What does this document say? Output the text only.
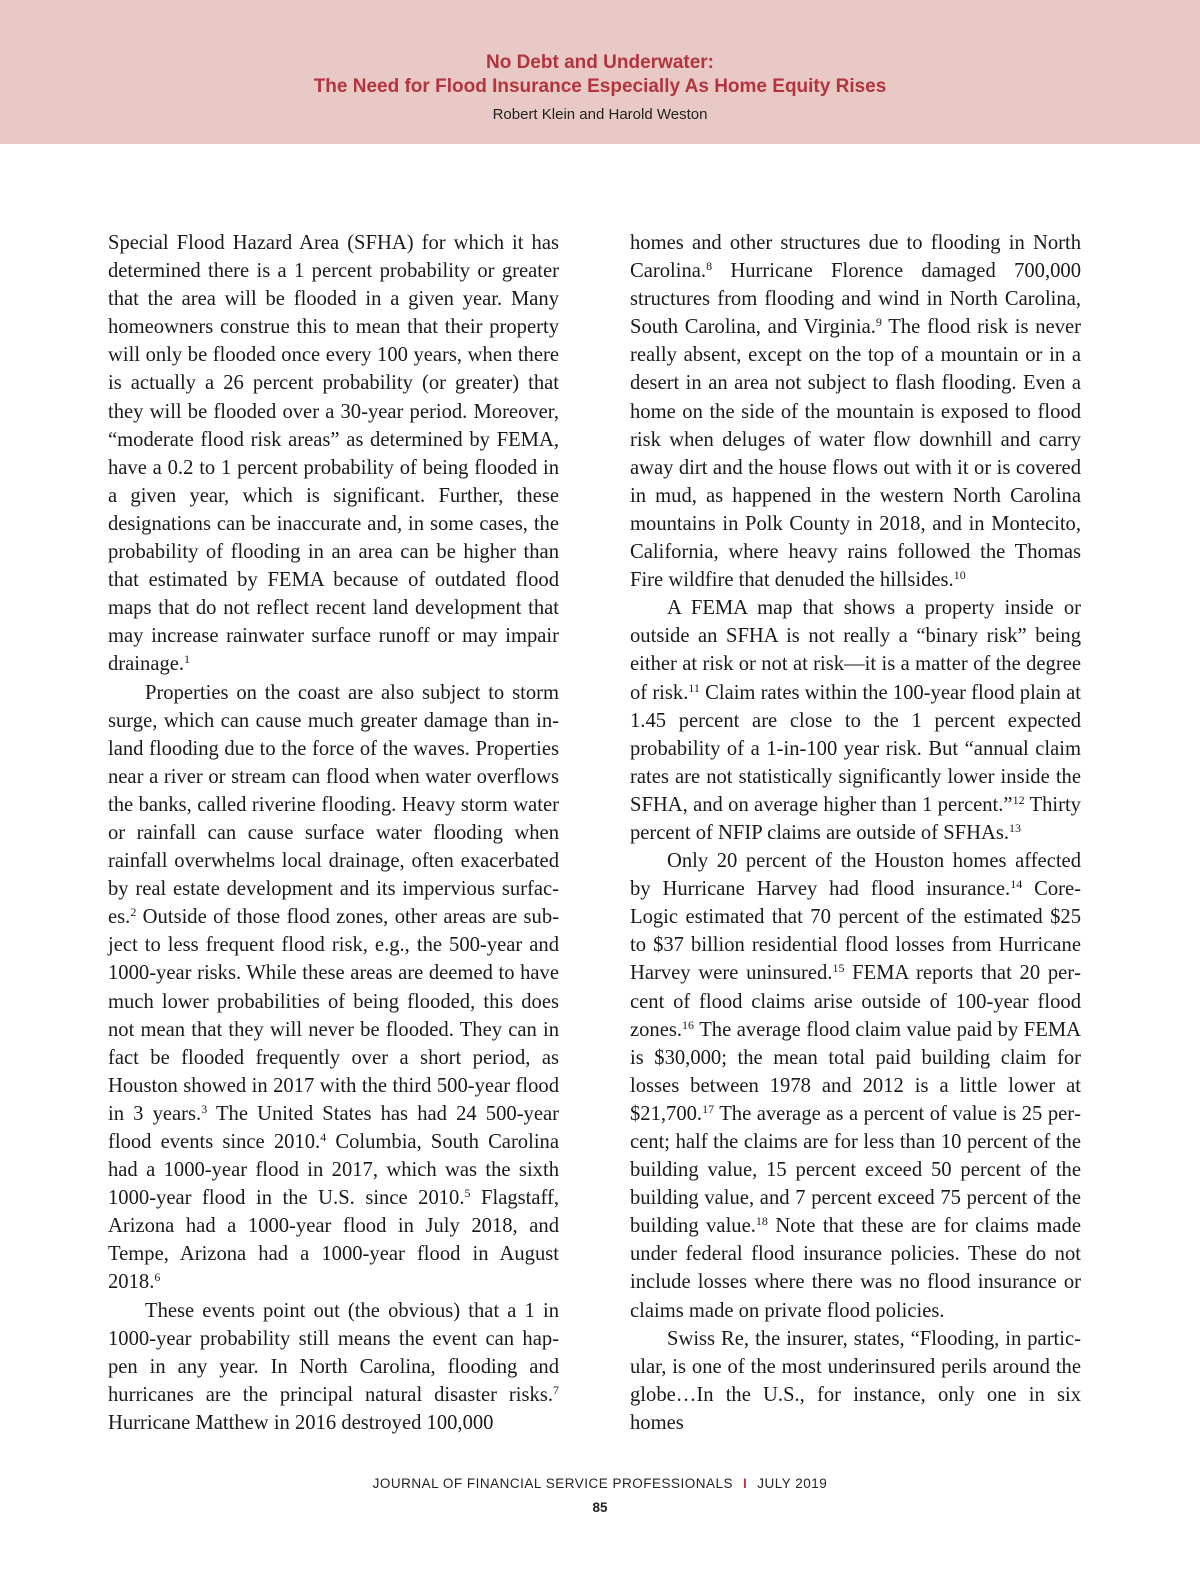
No Debt and Underwater:
The Need for Flood Insurance Especially As Home Equity Rises
Robert Klein and Harold Weston

Special Flood Hazard Area (SFHA) for which it has determined there is a 1 percent probability or greater that the area will be flooded in a given year. Many homeowners construe this to mean that their property will only be flooded once every 100 years, when there is actually a 26 percent probability (or greater) that they will be flooded over a 30-year period. Moreover, “moderate flood risk areas” as determined by FEMA, have a 0.2 to 1 percent probability of being flooded in a given year, which is significant. Further, these designations can be inaccurate and, in some cases, the probability of flooding in an area can be higher than that estimated by FEMA because of outdated flood maps that do not reflect recent land development that may increase rainwater surface runoff or may impair drainage.$^1$

Properties on the coast are also subject to storm surge, which can cause much greater damage than inland flooding due to the force of the waves. Properties near a river or stream can flood when water overflows the banks, called riverine flooding. Heavy storm water or rainfall can cause surface water flooding when rainfall overwhelms local drainage, often exacerbated by real estate development and its impervious surfaces.$^2$ Outside of those flood zones, other areas are subject to less frequent flood risk, e.g., the 500-year and 1000-year risks. While these areas are deemed to have much lower probabilities of being flooded, this does not mean that they will never be flooded. They can in fact be flooded frequently over a short period, as Houston showed in 2017 with the third 500-year flood in 3 years.$^3$ The United States has had 24 500-year flood events since 2010.$^4$ Columbia, South Carolina had a 1000-year flood in 2017, which was the sixth 1000-year flood in the U.S. since 2010.$^5$ Flagstaff, Arizona had a 1000-year flood in July 2018, and Tempe, Arizona had a 1000-year flood in August 2018.$^6$

These events point out (the obvious) that a 1 in 1000-year probability still means the event can happen in any year. In North Carolina, flooding and hurricanes are the principal natural disaster risks.$^7$ Hurricane Matthew in 2016 destroyed 100,000

homes and other structures due to flooding in North Carolina.$^8$ Hurricane Florence damaged 700,000 structures from flooding and wind in North Carolina, South Carolina, and Virginia.$^9$ The flood risk is never really absent, except on the top of a mountain or in a desert in an area not subject to flash flooding. Even a home on the side of the mountain is exposed to flood risk when deluges of water flow downhill and carry away dirt and the house flows out with it or is covered in mud, as happened in the western North Carolina mountains in Polk County in 2018, and in Montecito, California, where heavy rains followed the Thomas Fire wildfire that denuded the hillsides.$^{10}$

A FEMA map that shows a property inside or outside an SFHA is not really a “binary risk” being either at risk or not at risk—it is a matter of the degree of risk.$^{11}$ Claim rates within the 100-year flood plain at 1.45 percent are close to the 1 percent expected probability of a 1-in-100 year risk. But “annual claim rates are not statistically significantly lower inside the SFHA, and on average higher than 1 percent.”$^{12}$ Thirty percent of NFIP claims are outside of SFHAs.$^{13}$

Only 20 percent of the Houston homes affected by Hurricane Harvey had flood insurance.$^{14}$ CoreLogic estimated that 70 percent of the estimated $25 to $37 billion residential flood losses from Hurricane Harvey were uninsured.$^{15}$ FEMA reports that 20 percent of flood claims arise outside of 100-year flood zones.$^{16}$ The average flood claim value paid by FEMA is $30,000; the mean total paid building claim for losses between 1978 and 2012 is a little lower at $21,700.17 The average as a percent of value is 25 percent; half the claims are for less than 10 percent of the building value, 15 percent exceed 50 percent of the building value, and 7 percent exceed 75 percent of the building value.$^{18}$ Note that these are for claims made under federal flood insurance policies. These do not include losses where there was no flood insurance or claims made on private flood policies.

Swiss Re, the insurer, states, “Flooding, in particular, is one of the most underinsured perils around the globe…In the U.S., for instance, only one in six homes

JOURNAL OF FINANCIAL SERVICE PROFESSIONALS I JULY 2019
85
